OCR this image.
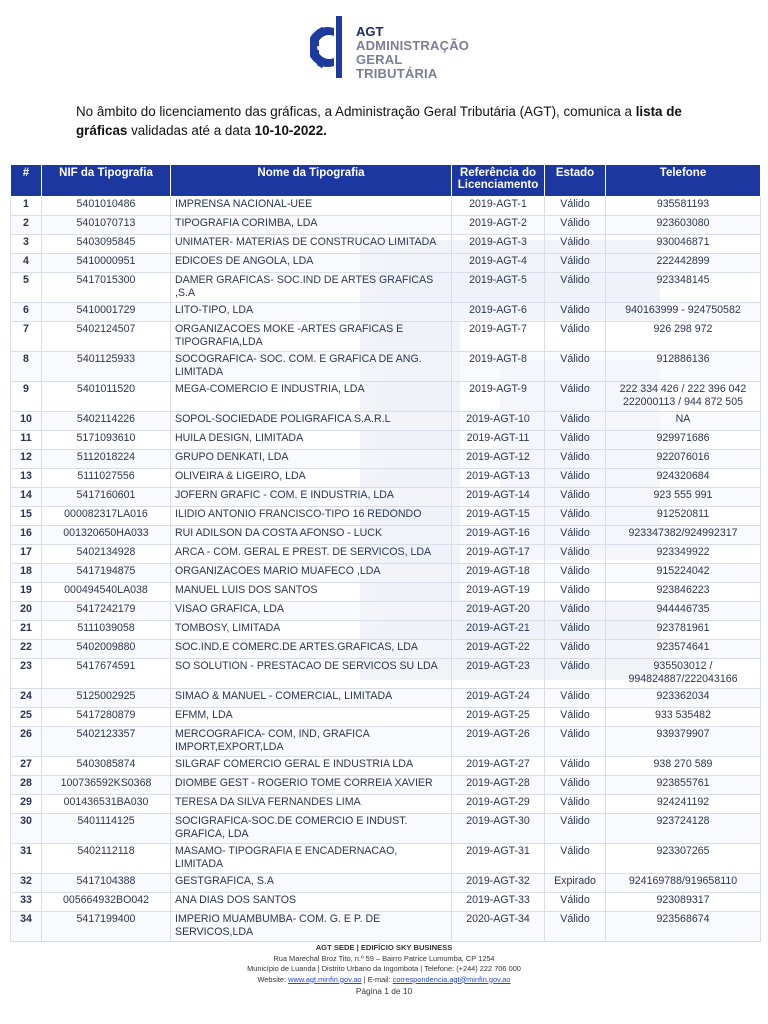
AGT
ADMINISTRAÇÃO
GERAL
TRIBUTÁRIA
No âmbito do licenciamento das gráficas, a Administração Geral Tributária (AGT), comunica a lista de gráficas validadas até a data 10-10-2022.
#	NIF da Tipografia	Nome da Tipografia	Referência do Licenciamento	Estado	Telefone
1	5401010486	IMPRENSA NACIONAL-UEE	2019-AGT-1	Válido	935581193
2	5401070713	TIPOGRAFIA CORIMBA, LDA	2019-AGT-2	Válido	923603080
3	5403095845	UNIMATER- MATERIAS DE CONSTRUCAO LIMITADA	2019-AGT-3	Válido	930046871
4	5410000951	EDICOES DE ANGOLA, LDA	2019-AGT-4	Válido	222442899
5	5417015300	DAMER GRAFICAS- SOC.IND DE ARTES GRAFICAS ,S.A	2019-AGT-5	Válido	923348145
6	5410001729	LITO-TIPO, LDA	2019-AGT-6	Válido	940163999 - 924750582
7	5402124507	ORGANIZACOES MOKE -ARTES GRAFICAS E TIPOGRAFIA,LDA	2019-AGT-7	Válido	926 298 972
8	5401125933	SOCOGRAFICA- SOC. COM. E GRAFICA DE ANG. LIMITADA	2019-AGT-8	Válido	912886136
9	5401011520	MEGA-COMERCIO E INDUSTRIA, LDA	2019-AGT-9	Válido	222 334 426 / 222 396 042 222000113 / 944 872 505
10	5402114226	SOPOL-SOCIEDADE POLIGRAFICA S.A.R.L	2019-AGT-10	Válido	NA
11	5171093610	HUILA DESIGN, LIMITADA	2019-AGT-11	Válido	929971686
12	5112018224	GRUPO DENKATI, LDA	2019-AGT-12	Válido	922076016
13	5111027556	OLIVEIRA & LIGEIRO, LDA	2019-AGT-13	Válido	924320684
14	5417160601	JOFERN GRAFIC - COM. E INDUSTRIA, LDA	2019-AGT-14	Válido	923 555 991
15	000082317LA016	ILIDIO ANTONIO FRANCISCO-TIPO 16 REDONDO	2019-AGT-15	Válido	912520811
16	001320650HA033	RUI ADILSON DA COSTA AFONSO - LUCK	2019-AGT-16	Válido	923347382/924992317
17	5402134928	ARCA - COM. GERAL E PREST. DE SERVICOS, LDA	2019-AGT-17	Válido	923349922
18	5417194875	ORGANIZACOES MARIO MUAFECO ,LDA	2019-AGT-18	Válido	915224042
19	000494540LA038	MANUEL LUIS DOS SANTOS	2019-AGT-19	Válido	923846223
20	5417242179	VISAO GRAFICA, LDA	2019-AGT-20	Válido	944446735
21	5111039058	TOMBOSY, LIMITADA	2019-AGT-21	Válido	923781961
22	5402009880	SOC.IND.E COMERC.DE ARTES.GRAFICAS, LDA	2019-AGT-22	Válido	923574641
23	5417674591	SO SOLUTION - PRESTACAO DE SERVICOS SU LDA	2019-AGT-23	Válido	935503012 / 994824887/222043166
24	5125002925	SIMAO & MANUEL - COMERCIAL, LIMITADA	2019-AGT-24	Válido	923362034
25	5417280879	EFMM, LDA	2019-AGT-25	Válido	933 535482
26	5402123357	MERCOGRAFICA- COM, IND, GRAFICA IMPORT,EXPORT,LDA	2019-AGT-26	Válido	939379907
27	5403085874	SILGRAF COMERCIO GERAL E INDUSTRIA LDA	2019-AGT-27	Válido	938 270 589
28	100736592KS0368	DIOMBE GEST - ROGERIO TOME CORREIA XAVIER	2019-AGT-28	Válido	923855761
29	001436531BA030	TERESA DA SILVA FERNANDES LIMA	2019-AGT-29	Válido	924241192
30	5401114125	SOCIGRAFICA-SOC.DE COMERCIO E INDUST. GRAFICA, LDA	2019-AGT-30	Válido	923724128
31	5402112118	MASAMO- TIPOGRAFIA E ENCADERNACAO, LIMITADA	2019-AGT-31	Válido	923307265
32	5417104388	GESTGRAFICA, S.A	2019-AGT-32	Expirado	924169788/919658110
33	005664932BO042	ANA DIAS DOS SANTOS	2019-AGT-33	Válido	923089317
34	5417199400	IMPERIO MUAMBUMBA- COM. G. E P. DE SERVICOS,LDA	2020-AGT-34	Válido	923568674
AGT SEDE | EDIFÍCIO SKY BUSINESS
Rua Marechal Broz Tito, n.º 59 – Bairro Patrice Lumumba, CP 1254
Município de Luanda | Distrito Urbano da Ingombota | Telefone: (+244) 222 706 000
Website: www.agt.minfin.gov.ao | E-mail: correspondencia.agt@minfin.gov.ao
Página 1 de 10
